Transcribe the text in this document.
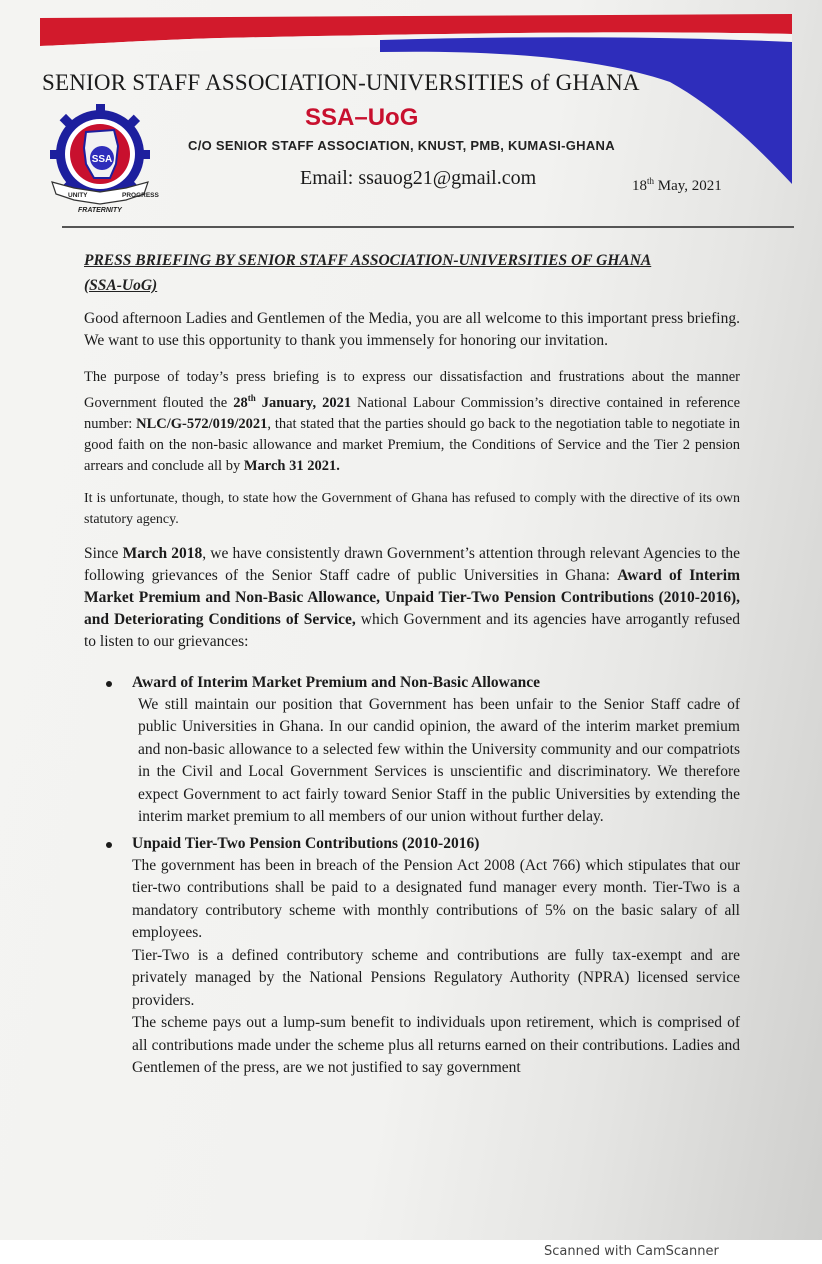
SENIOR STAFF ASSOCIATION-UNIVERSITIES of GHANA
SSA–UoG
C/O SENIOR STAFF ASSOCIATION, KNUST, PMB, KUMASI-GHANA
Email: ssauog21@gmail.com	18th May, 2021
SSA
UNITY	PROGRESS
FRATERNITY
PRESS BRIEFING BY SENIOR STAFF ASSOCIATION-UNIVERSITIES OF GHANA
(SSA-UoG)

Good afternoon Ladies and Gentlemen of the Media, you are all welcome to this important press briefing. We want to use this opportunity to thank you immensely for honoring our invitation.

The purpose of today’s press briefing is to express our dissatisfaction and frustrations about the manner Government flouted the 28th January, 2021 National Labour Commission’s directive contained in reference number: NLC/G-572/019/2021, that stated that the parties should go back to the negotiation table to negotiate in good faith on the non-basic allowance and market Premium, the Conditions of Service and the Tier 2 pension arrears and conclude all by March 31 2021.

It is unfortunate, though, to state how the Government of Ghana has refused to comply with the directive of its own statutory agency.

Since March 2018, we have consistently drawn Government’s attention through relevant Agencies to the following grievances of the Senior Staff cadre of public Universities in Ghana: Award of Interim Market Premium and Non-Basic Allowance, Unpaid Tier-Two Pension Contributions (2010-2016), and Deteriorating Conditions of Service, which Government and its agencies have arrogantly refused to listen to our grievances:

Award of Interim Market Premium and Non-Basic Allowance
We still maintain our position that Government has been unfair to the Senior Staff cadre of public Universities in Ghana. In our candid opinion, the award of the interim market premium and non-basic allowance to a selected few within the University community and our compatriots in the Civil and Local Government Services is unscientific and discriminatory. We therefore expect Government to act fairly toward Senior Staff in the public Universities by extending the interim market premium to all members of our union without further delay.
Unpaid Tier-Two Pension Contributions (2010-2016)
The government has been in breach of the Pension Act 2008 (Act 766) which stipulates that our tier-two contributions shall be paid to a designated fund manager every month. Tier-Two is a mandatory contributory scheme with monthly contributions of 5% on the basic salary of all employees.
Tier-Two is a defined contributory scheme and contributions are fully tax-exempt and are privately managed by the National Pensions Regulatory Authority (NPRA) licensed service providers.
The scheme pays out a lump-sum benefit to individuals upon retirement, which is comprised of all contributions made under the scheme plus all returns earned on their contributions. Ladies and Gentlemen of the press, are we not justified to say government
Scanned with CamScanner
